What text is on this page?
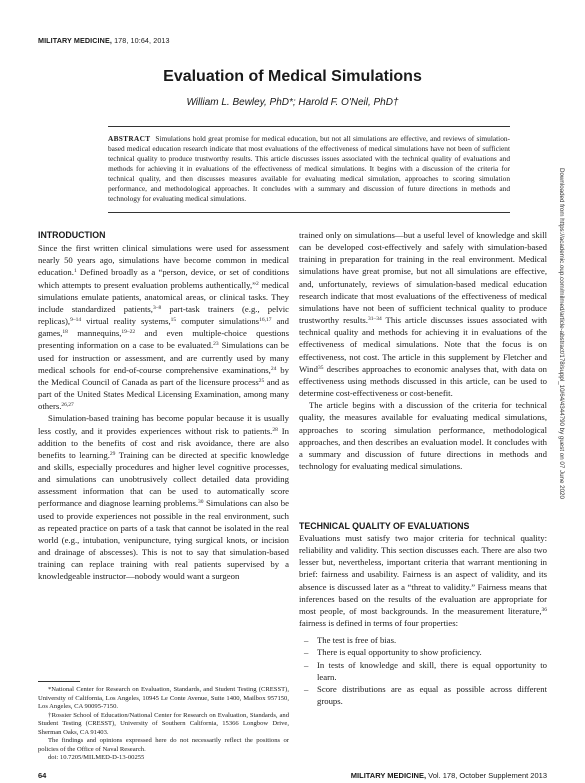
MILITARY MEDICINE, 178, 10:64, 2013
Evaluation of Medical Simulations
William L. Bewley, PhD*; Harold F. O'Neil, PhD†
ABSTRACT Simulations hold great promise for medical education, but not all simulations are effective, and reviews of simulation-based medical education research indicate that most evaluations of the effectiveness of medical simulations have not been of sufficient technical quality to produce trustworthy results. This article discusses issues associated with the technical quality of evaluations and methods for achieving it in evaluations of the effectiveness of medical simulations. It begins with a discussion of the criteria for technical quality, and then discusses measures available for evaluating medical simulation, approaches to scoring simulation performance, and methodological approaches. It concludes with a summary and discussion of future directions in methods and technology for evaluating medical simulations.
INTRODUCTION

Since the first written clinical simulations were used for assessment nearly 50 years ago, simulations have become common in medical education.$^1$ Defined broadly as a “person, device, or set of conditions which attempts to present evaluation problems authentically,”$^2$ medical simulations emulate patients, anatomical areas, or clinical tasks. They include standardized patients,$^{3-8}$ part-task trainers (e.g., pelvic replicas),$^{9-14}$ virtual reality systems,$^{15}$ computer simulations$^{16,17}$ and games,$^{18}$ mannequins,$^{19-22}$ and even multiple-choice questions presenting information on a case to be evaluated.$^{23}$ Simulations can be used for instruction or assessment, and are currently used by many medical schools for end-of-course comprehensive examinations,$^{24}$ by the Medical Council of Canada as part of the licensure process$^{25}$ and as part of the United States Medical Licensing Examination, among many others.$^{26,27}$

Simulation-based training has become popular because it is usually less costly, and it provides experiences without risk to patients.$^{28}$ In addition to the benefits of cost and risk avoidance, there are also benefits to learning.$^{29}$ Training can be directed at specific knowledge and skills, especially procedures and higher level cognitive processes, and simulations can unobtrusively collect detailed data providing assessment information that can be used to automatically score performance and diagnose learning problems.$^{30}$ Simulations can also be used to provide experiences not possible in the real environment, such as repeated practice on parts of a task that cannot be isolated in the real world (e.g., intubation, venipuncture, tying surgical knots, or incision and drainage of abscesses). This is not to say that simulation-based training can replace training with real patients supervised by a knowledgeable instructor—nobody would want a surgeon

*National Center for Research on Evaluation, Standards, and Student Testing (CRESST), University of California, Los Angeles, 10945 Le Conte Avenue, Suite 1400, Mailbox 957150, Los Angeles, CA 90095-7150.

†Rossier School of Education/National Center for Research on Evaluation, Standards, and Student Testing (CRESST), University of Southern California, 15366 Longbow Drive, Sherman Oaks, CA 91403.

The findings and opinions expressed here do not necessarily reflect the positions or policies of the Office of Naval Research.

doi: 10.7205/MILMED-D-13-00255

trained only on simulations—but a useful level of knowledge and skill can be developed cost-effectively and safely with simulation-based training in preparation for training in the real environment. Medical simulations have great promise, but not all simulations are effective, and, unfortunately, reviews of simulation-based medical education research indicate that most evaluations of the effectiveness of medical simulations have not been of sufficient technical quality to produce trustworthy results.$^{31-34}$ This article discusses issues associated with technical quality and methods for achieving it in evaluations of the effectiveness of medical simulations. Note that the focus is on effectiveness, not cost. The article in this supplement by Fletcher and Wind$^{35}$ describes approaches to economic analyses that, with data on effectiveness using methods discussed in this article, can be used to determine cost-effectiveness or cost-benefit.

The article begins with a discussion of the criteria for technical quality, the measures available for evaluating medical simulations, approaches to scoring simulation performance, methodological approaches, and then describes an evaluation model. It concludes with a summary and discussion of future directions in methods and technology for evaluating medical simulations.

TECHNICAL QUALITY OF EVALUATIONS

Evaluations must satisfy two major criteria for technical quality: reliability and validity. This section discusses each. There are also two lesser but, nevertheless, important criteria that warrant mentioning in brief: fairness and usability. Fairness is an aspect of validity, and its absence is discussed later as a “threat to validity.” Fairness means that inferences based on the results of the evaluation are appropriate for most people, of most backgrounds. In the measurement literature,$^{36}$ fairness is defined in terms of four properties:

– The test is free of bias.
– There is equal opportunity to show proficiency.
– In tests of knowledge and skill, there is equal opportunity to learn.
– Score distributions are as equal as possible across different groups.
64	MILITARY MEDICINE, Vol. 178, October Supplement 2013
Downloaded from https://academic.oup.com/milmed/article-abstract/178/suppl_10/64/4344790 by guest on 07 June 2020
